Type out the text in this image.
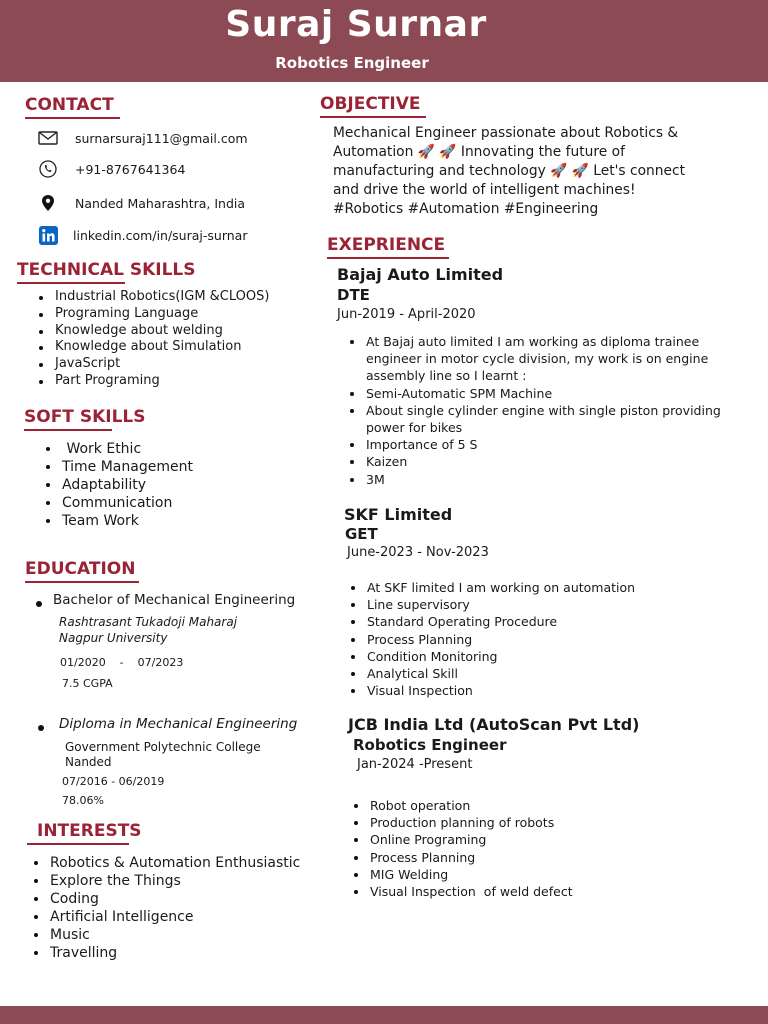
Suraj Surnar
Robotics Engineer
CONTACT
surnarsuraj111@gmail.com
+91-8767641364
Nanded Maharashtra, India
linkedin.com/in/suraj-surnar
TECHNICAL SKILLS
Industrial Robotics(IGM &CLOOS)
Programing Language
Knowledge about welding
Knowledge about Simulation
JavaScript
Part Programing
SOFT SKILLS
Work Ethic
Time Management
Adaptability
Communication
Team Work
EDUCATION
Bachelor of Mechanical Engineering
Rashtrasant Tukadoji Maharaj
Nagpur University
01/2020    -    07/2023
7.5 CGPA
Diploma in Mechanical Engineering
Government Polytechnic College
Nanded
07/2016 - 06/2019
78.06%
INTERESTS
Robotics & Automation Enthusiastic
Explore the Things
Coding
Artificial Intelligence
Music
Travelling
OBJECTIVE
Mechanical Engineer passionate about Robotics &
Automation 🚀 🚀 Innovating the future of
manufacturing and technology 🚀 🚀 Let's connect
and drive the world of intelligent machines!
#Robotics #Automation #Engineering
EXEPRIENCE
Bajaj Auto Limited
DTE
Jun-2019 - April-2020
At Bajaj auto limited I am working as diploma trainee engineer in motor cycle division, my work is on engine assembly line so I learnt :
Semi-Automatic SPM Machine
About single cylinder engine with single piston providing power for bikes
Importance of 5 S
Kaizen
3M
SKF Limited
GET
June-2023 - Nov-2023
At SKF limited I am working on automation
Line supervisory
Standard Operating Procedure
Process Planning
Condition Monitoring
Analytical Skill
Visual Inspection
JCB India Ltd (AutoScan Pvt Ltd)
Robotics Engineer
Jan-2024 -Present
Robot operation
Production planning of robots
Online Programing
Process Planning
MIG Welding
Visual Inspection  of weld defect
